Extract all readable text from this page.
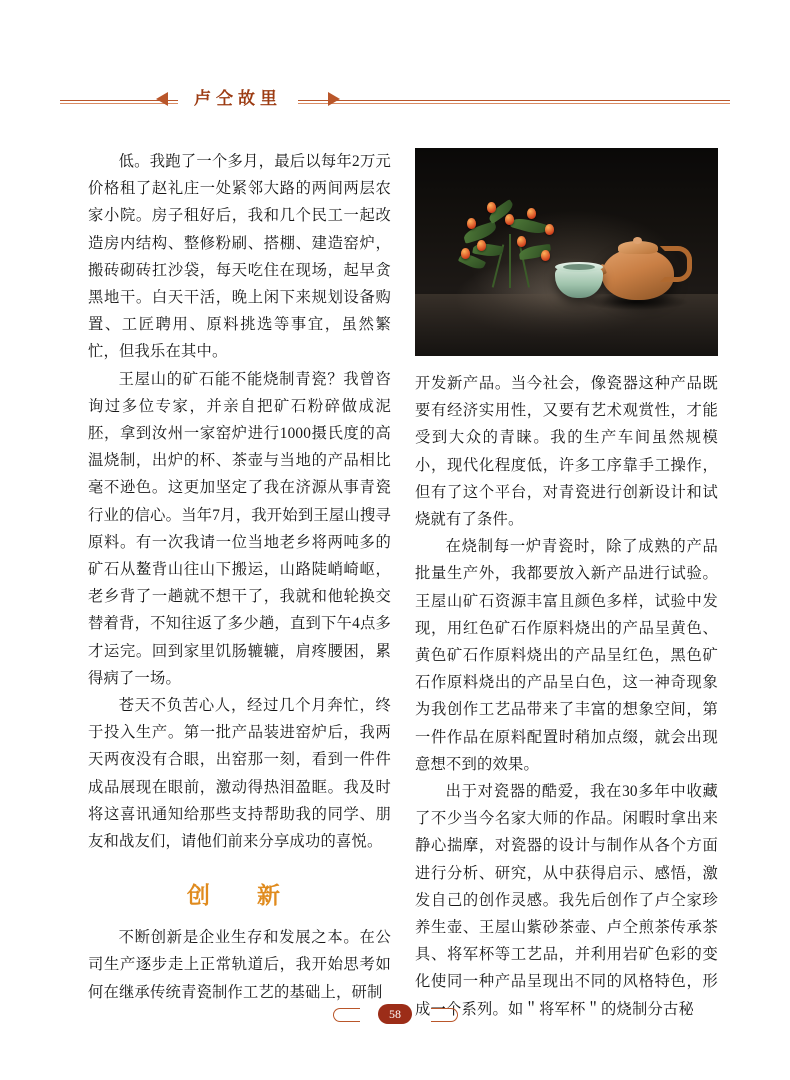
卢仝故里

低。我跑了一个多月，最后以每年2万元价格租了赵礼庄一处紧邻大路的两间两层农家小院。房子租好后，我和几个民工一起改造房内结构、整修粉刷、搭棚、建造窑炉，搬砖砌砖扛沙袋，每天吃住在现场，起早贪黑地干。白天干活，晚上闲下来规划设备购置、工匠聘用、原料挑选等事宜，虽然繁忙，但我乐在其中。

王屋山的矿石能不能烧制青瓷？我曾咨询过多位专家，并亲自把矿石粉碎做成泥胚，拿到汝州一家窑炉进行1000摄氏度的高温烧制，出炉的杯、茶壶与当地的产品相比毫不逊色。这更加坚定了我在济源从事青瓷行业的信心。当年7月，我开始到王屋山搜寻原料。有一次我请一位当地老乡将两吨多的矿石从鳌背山往山下搬运，山路陡峭崎岖，老乡背了一趟就不想干了，我就和他轮换交替着背，不知往返了多少趟，直到下午4点多才运完。回到家里饥肠辘辘，肩疼腰困，累得病了一场。

苍天不负苦心人，经过几个月奔忙，终于投入生产。第一批产品装进窑炉后，我两天两夜没有合眼，出窑那一刻，看到一件件成品展现在眼前，激动得热泪盈眶。我及时将这喜讯通知给那些支持帮助我的同学、朋友和战友们，请他们前来分享成功的喜悦。

创　新

不断创新是企业生存和发展之本。在公司生产逐步走上正常轨道后，我开始思考如何在继承传统青瓷制作工艺的基础上，研制

开发新产品。当今社会，像瓷器这种产品既要有经济实用性，又要有艺术观赏性，才能受到大众的青睐。我的生产车间虽然规模小，现代化程度低，许多工序靠手工操作，但有了这个平台，对青瓷进行创新设计和试烧就有了条件。

在烧制每一炉青瓷时，除了成熟的产品批量生产外，我都要放入新产品进行试验。王屋山矿石资源丰富且颜色多样，试验中发现，用红色矿石作原料烧出的产品呈黄色、黄色矿石作原料烧出的产品呈红色，黑色矿石作原料烧出的产品呈白色，这一神奇现象为我创作工艺品带来了丰富的想象空间，第一件作品在原料配置时稍加点缀，就会出现意想不到的效果。

出于对瓷器的酷爱，我在30多年中收藏了不少当今名家大师的作品。闲暇时拿出来静心揣摩，对瓷器的设计与制作从各个方面进行分析、研究，从中获得启示、感悟，激发自己的创作灵感。我先后创作了卢仝家珍养生壶、王屋山紫砂茶壶、卢仝煎茶传承茶具、将军杯等工艺品，并利用岩矿色彩的变化使同一种产品呈现出不同的风格特色，形成一个系列。如＂将军杯＂的烧制分古秘

58
